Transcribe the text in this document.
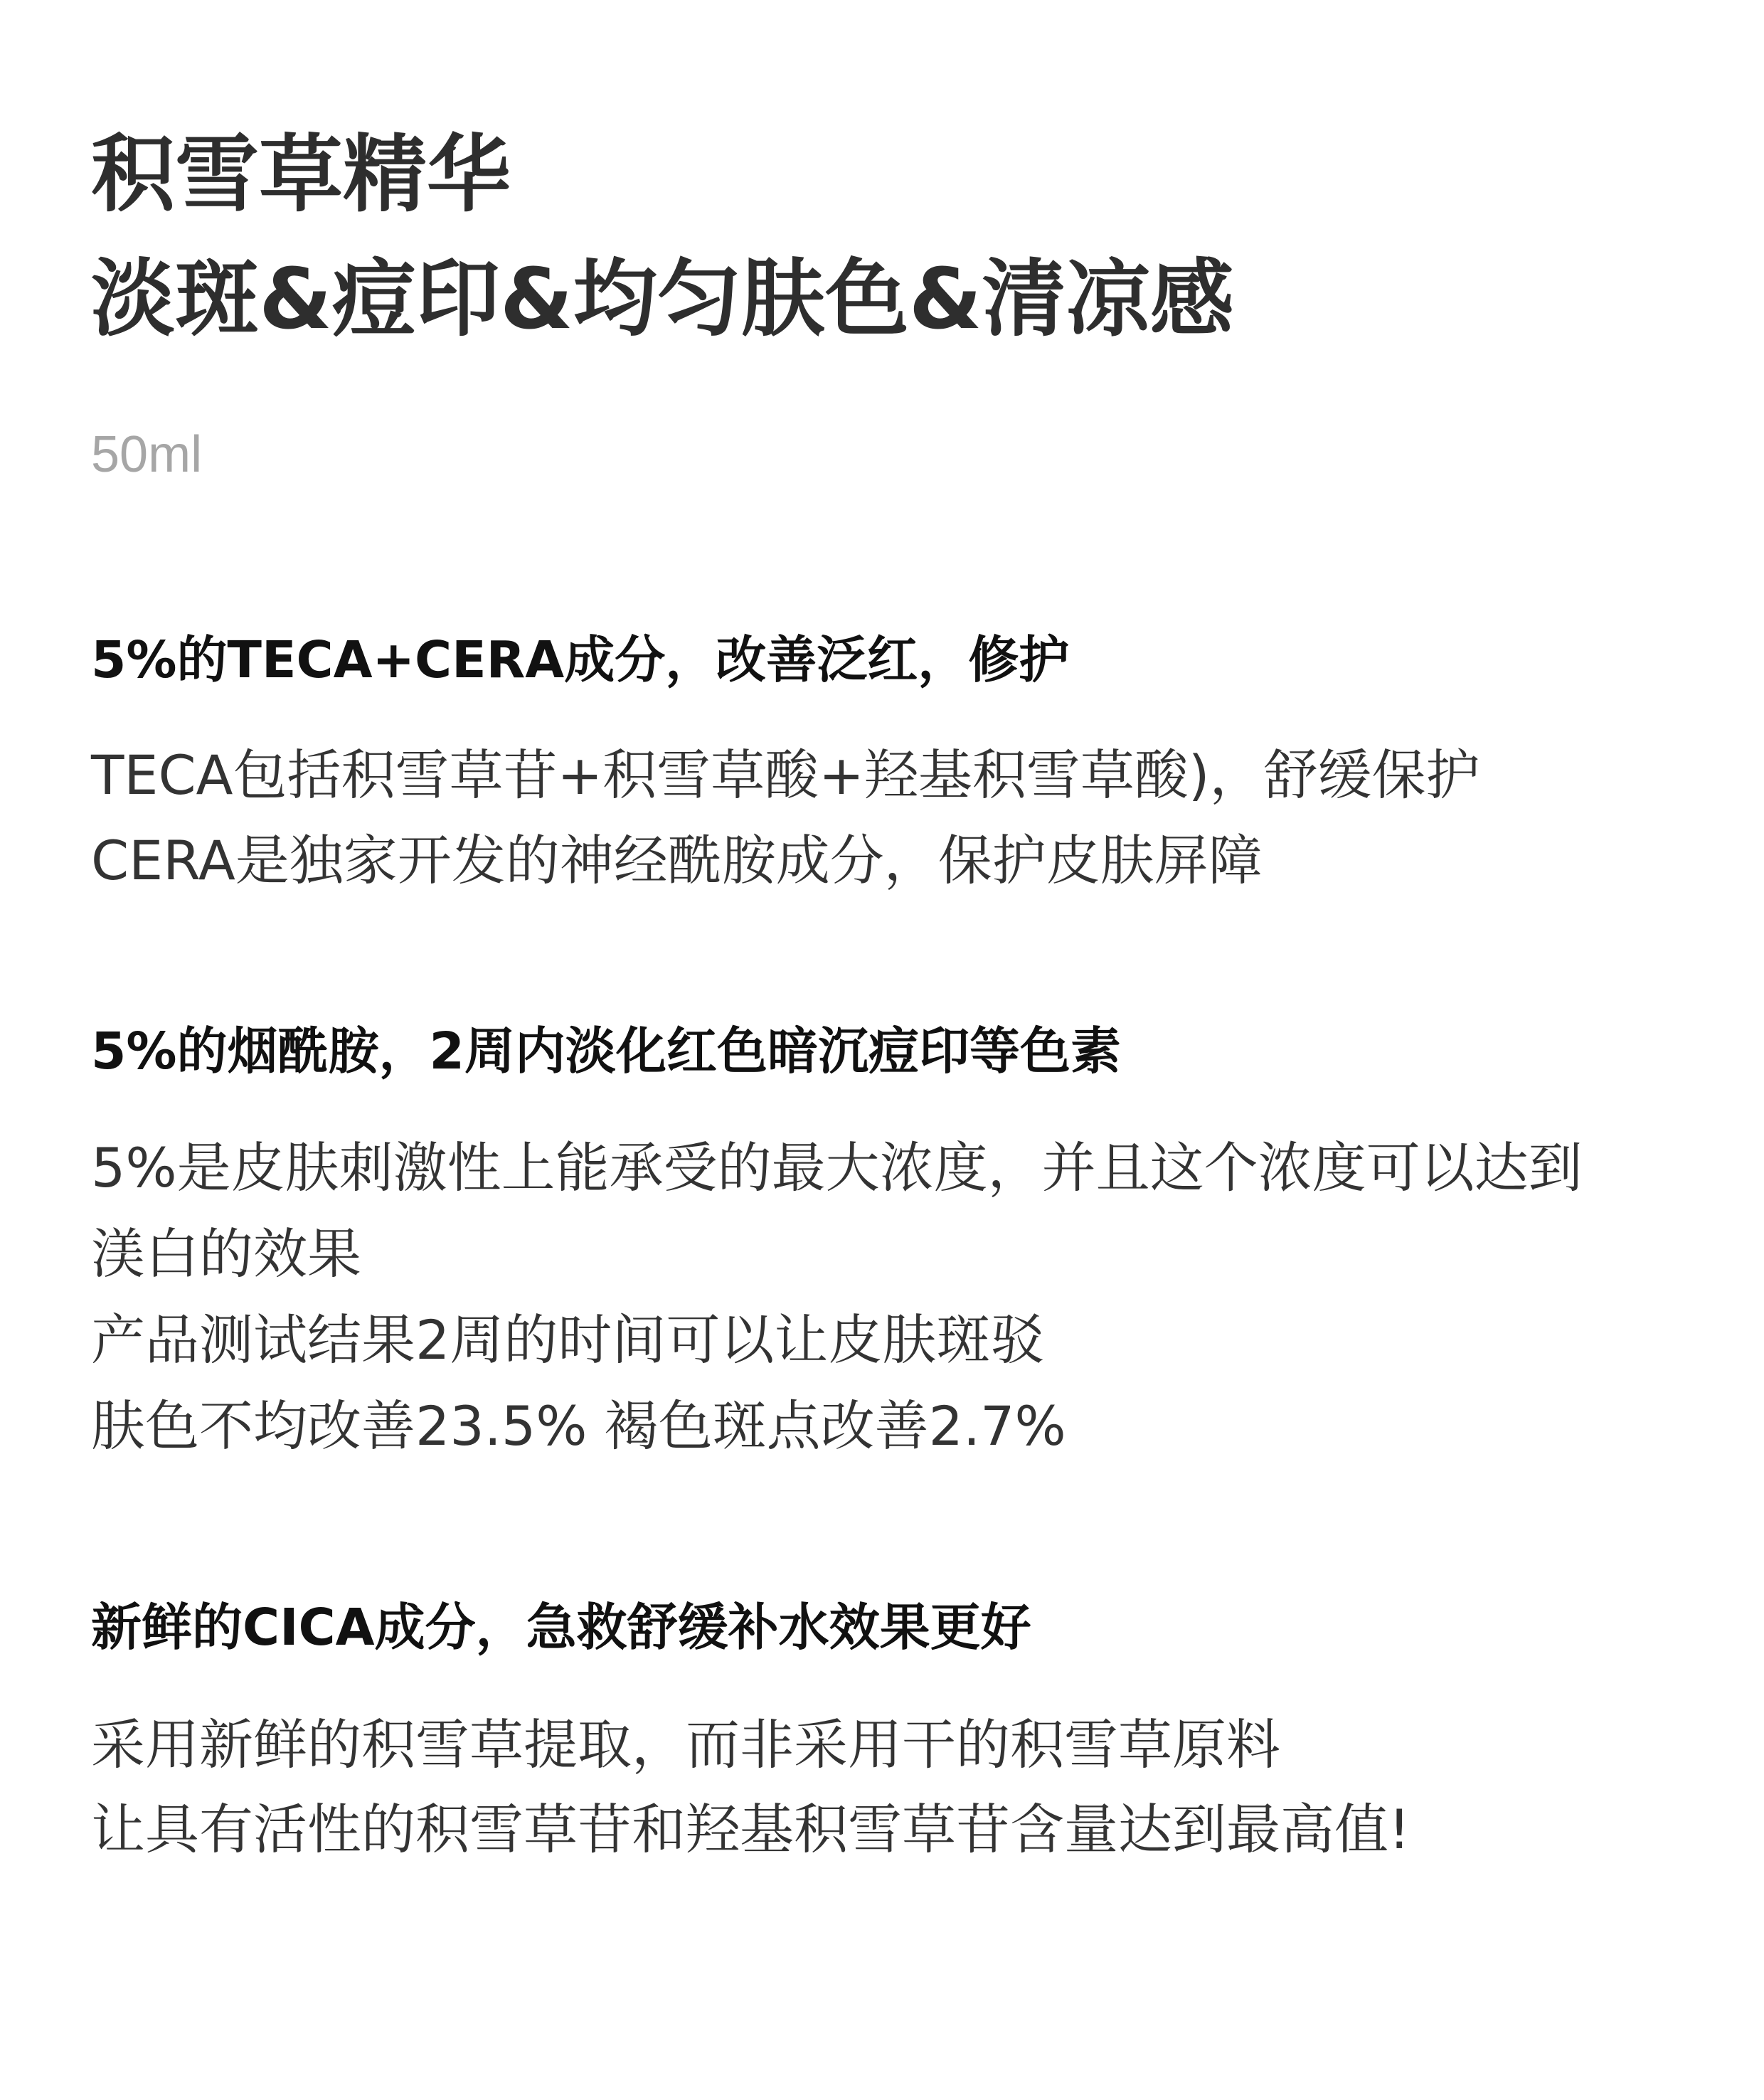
积雪草精华
淡斑&痘印&均匀肤色&清凉感
50ml
5%的TECA+CERA成分，改善泛红，修护
TECA包括积雪草苷+积雪草酸+羟基积雪草酸)，舒缓保护
CERA是独家开发的神经酰胺成分，保护皮肤屏障
5%的烟酰胺，2周内淡化红色暗沉痘印等色素
5%是皮肤刺激性上能承受的最大浓度，并且这个浓度可以达到
渼白的效果
产品测试结果2周的时间可以让皮肤斑驳
肤色不均改善23.5% 褐色斑点改善2.7%
新鲜的CICA成分，急救舒缓补水效果更好
采用新鲜的积雪草提取，而非采用干的积雪草原料
让具有活性的积雪草苷和羟基积雪草苷含量达到最高值!
